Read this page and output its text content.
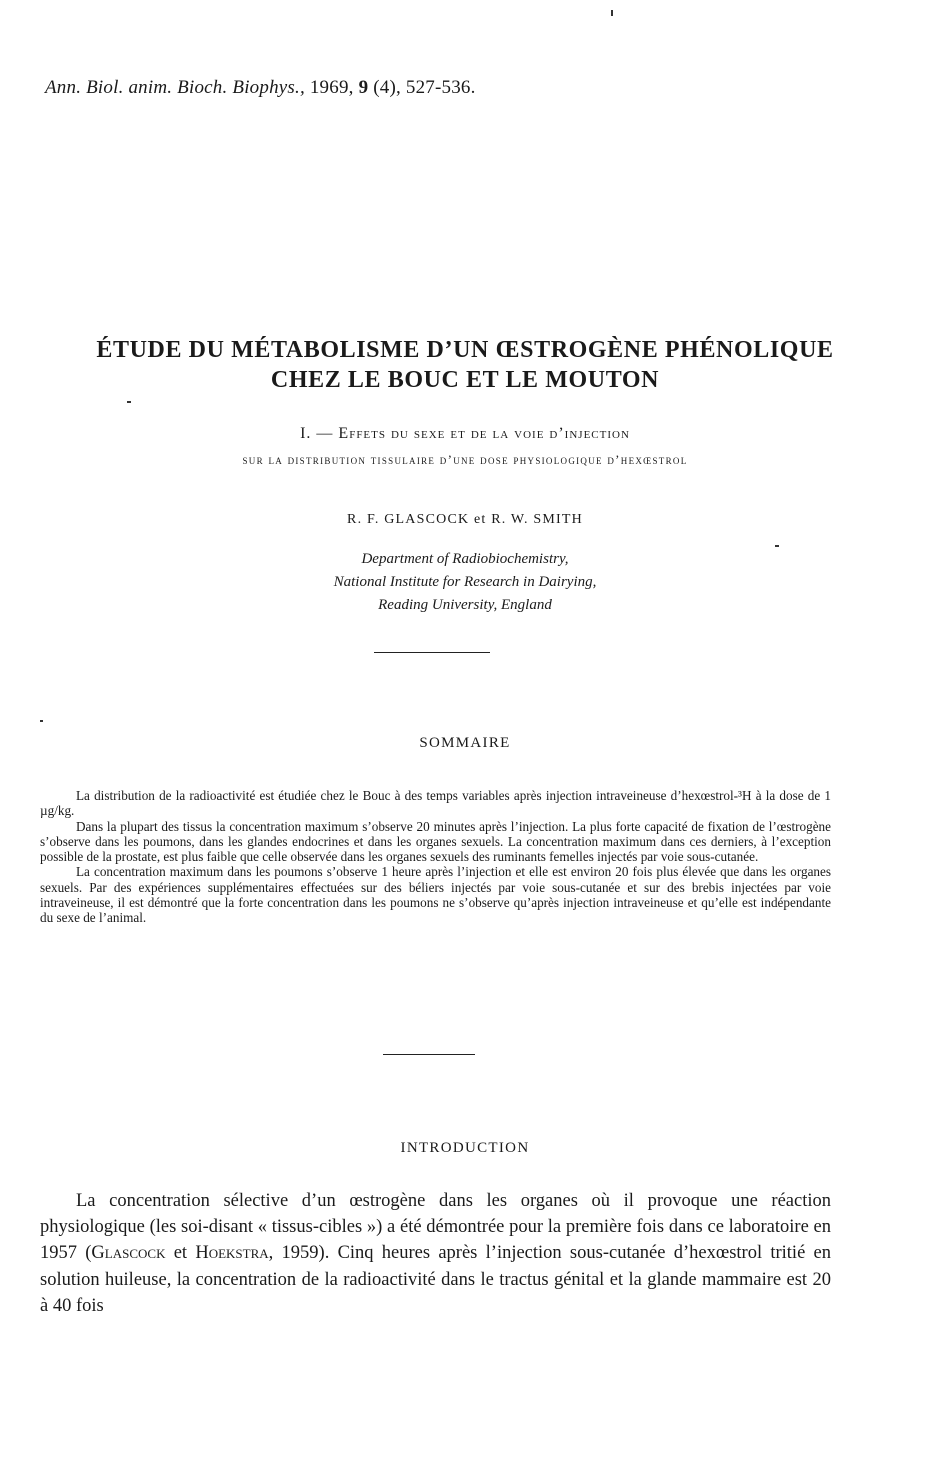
Ann. Biol. anim. Bioch. Biophys., 1969, 9 (4), 527-536.
ÉTUDE DU MÉTABOLISME D’UN ŒSTROGÈNE PHÉNOLIQUE
CHEZ LE BOUC ET LE MOUTON
I. — Effets du sexe et de la voie d’injection
sur la distribution tissulaire d’une dose physiologique d’hexœstrol
R. F. GLASCOCK et R. W. SMITH
Department of Radiobiochemistry,
National Institute for Research in Dairying,
Reading University, England
SOMMAIRE

La distribution de la radioactivité est étudiée chez le Bouc à des temps variables après injection intraveineuse d’hexœstrol-³H à la dose de 1 µg/kg.

Dans la plupart des tissus la concentration maximum s’observe 20 minutes après l’injection. La plus forte capacité de fixation de l’œstrogène s’observe dans les poumons, dans les glandes endocrines et dans les organes sexuels. La concentration maximum dans ces derniers, à l’exception possible de la prostate, est plus faible que celle observée dans les organes sexuels des ruminants femelles injectés par voie sous-cutanée.

La concentration maximum dans les poumons s’observe 1 heure après l’injection et elle est environ 20 fois plus élevée que dans les organes sexuels. Par des expériences supplémentaires effectuées sur des béliers injectés par voie sous-cutanée et sur des brebis injectées par voie intraveineuse, il est démontré que la forte concentration dans les poumons ne s’observe qu’après injection intraveineuse et qu’elle est indépendante du sexe de l’animal.

INTRODUCTION

La concentration sélective d’un œstrogène dans les organes où il provoque une réaction physiologique (les soi-disant « tissus-cibles ») a été démontrée pour la première fois dans ce laboratoire en 1957 (Glascock et Hoekstra, 1959). Cinq heures après l’injection sous-cutanée d’hexœstrol tritié en solution huileuse, la concentration de la radioactivité dans le tractus génital et la glande mammaire est 20 à 40 fois
